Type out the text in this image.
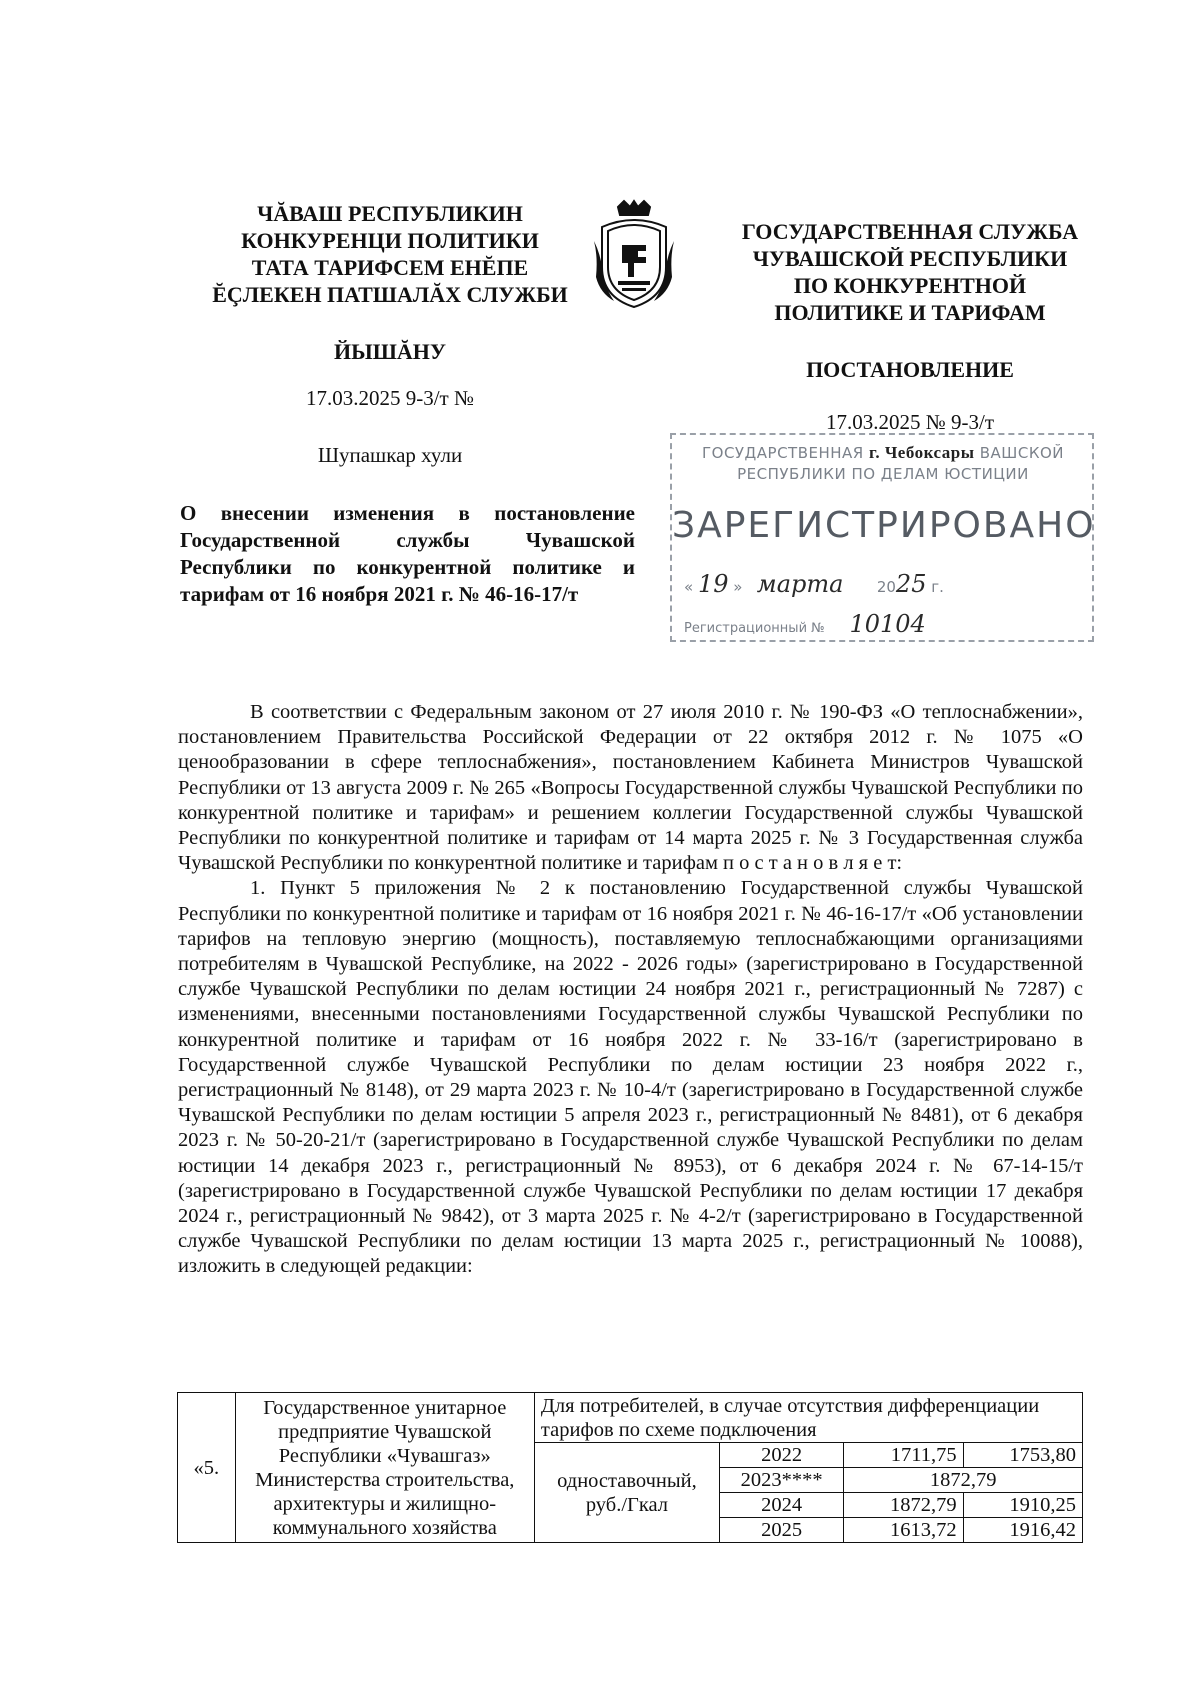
ЧĂВАШ РЕСПУБЛИКИН
КОНКУРЕНЦИ ПОЛИТИКИ
ТАТА ТАРИФСЕМ ЕНĔПЕ
ĔÇЛЕКЕН ПАТШАЛĂХ СЛУЖБИ
ЙЫШĂНУ
17.03.2025 9-3/т №
Шупашкар хули
ГОСУДАРСТВЕННАЯ СЛУЖБА
ЧУВАШСКОЙ РЕСПУБЛИКИ
ПО КОНКУРЕНТНОЙ
ПОЛИТИКЕ И ТАРИФАМ
ПОСТАНОВЛЕНИЕ
17.03.2025 № 9-3/т
О внесении изменения в постановление Государственной службы Чувашской Республики по конкурентной политике и тарифам от 16 ноября 2021 г. № 46-16-17/т
ГОСУДАРСТВЕННАЯ г. Чебоксары ВАШСКОЙ
РЕСПУБЛИКИ ПО ДЕЛАМ ЮСТИЦИИ
ЗАРЕГИСТРИРОВАНО
« 19 » марта 2025 г.
Регистрационный № 10104

В соответствии с Федеральным законом от 27 июля 2010 г. № 190-ФЗ «О теплоснабжении», постановлением Правительства Российской Федерации от 22 октября 2012 г. № 1075 «О ценообразовании в сфере теплоснабжения», постановлением Кабинета Министров Чувашской Республики от 13 августа 2009 г. № 265 «Вопросы Государственной службы Чувашской Республики по конкурентной политике и тарифам» и решением коллегии Государственной службы Чувашской Республики по конкурентной политике и тарифам от 14 марта 2025 г. № 3 Государственная служба Чувашской Республики по конкурентной политике и тарифам п о с т а н о в л я е т:

1. Пункт 5 приложения № 2 к постановлению Государственной службы Чувашской Республики по конкурентной политике и тарифам от 16 ноября 2021 г. № 46-16-17/т «Об установлении тарифов на тепловую энергию (мощность), поставляемую теплоснабжающими организациями потребителям в Чувашской Республике, на 2022 - 2026 годы» (зарегистрировано в Государственной службе Чувашской Республики по делам юстиции 24 ноября 2021 г., регистрационный № 7287) с изменениями, внесенными постановлениями Государственной службы Чувашской Республики по конкурентной политике и тарифам от 16 ноября 2022 г. № 33-16/т (зарегистрировано в Государственной службе Чувашской Республики по делам юстиции 23 ноября 2022 г., регистрационный № 8148), от 29 марта 2023 г. № 10-4/т (зарегистрировано в Государственной службе Чувашской Республики по делам юстиции 5 апреля 2023 г., регистрационный № 8481), от 6 декабря 2023 г. № 50-20-21/т (зарегистрировано в Государственной службе Чувашской Республики по делам юстиции 14 декабря 2023 г., регистрационный № 8953), от 6 декабря 2024 г. № 67-14-15/т (зарегистрировано в Государственной службе Чувашской Республики по делам юстиции 17 декабря 2024 г., регистрационный № 9842), от 3 марта 2025 г. № 4-2/т (зарегистрировано в Государственной службе Чувашской Республики по делам юстиции 13 марта 2025 г., регистрационный № 10088), изложить в следующей редакции:

«5.	Государственное унитарное предприятие Чувашской Республики «Чувашгаз» Министерства строительства, архитектуры и жилищно-коммунального хозяйства	Для потребителей, в случае отсутствия дифференциации тарифов по схеме подключения			

		одноставочный, руб./Гкал	2022	1711,75	1753,80
			2023****	1872,79	
			2024	1872,79	1910,25
			2025	1613,72	1916,42
